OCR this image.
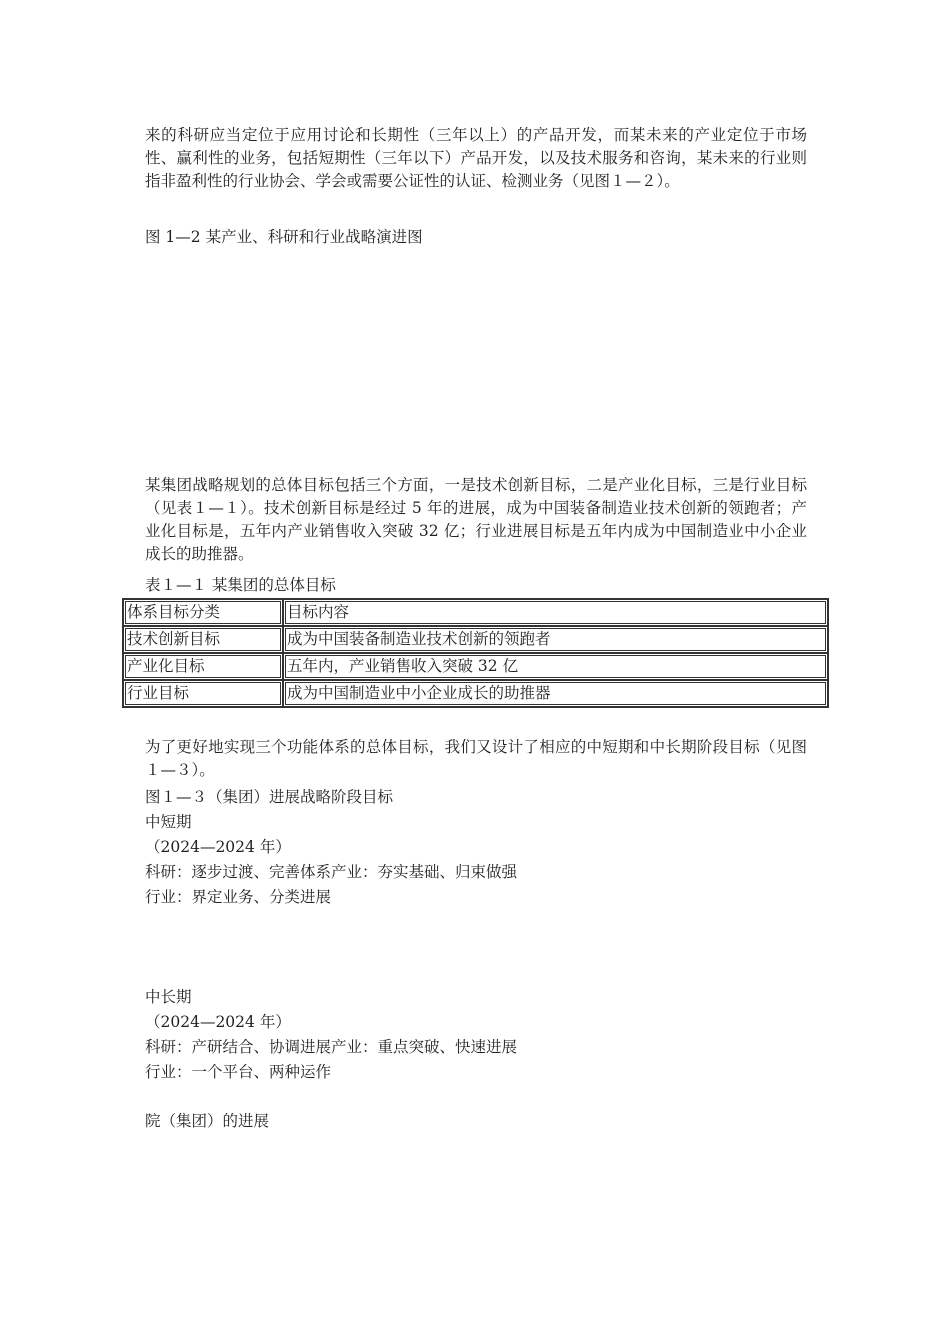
来的科研应当定位于应用讨论和长期性（三年以上）的产品开发，而某未来的产业定位于市场性、赢利性的业务，包括短期性（三年以下）产品开发，以及技术服务和咨询，某未来的行业则指非盈利性的行业协会、学会或需要公证性的认证、检测业务（见图１—２）。

图 1—2 某产业、科研和行业战略演进图

某集团战略规划的总体目标包括三个方面，一是技术创新目标，二是产业化目标，三是行业目标（见表１—１）。技术创新目标是经过 5 年的进展，成为中国装备制造业技术创新的领跑者；产业化目标是，五年内产业销售收入突破 32 亿；行业进展目标是五年内成为中国制造业中小企业成长的助推器。

表１—１ 某集团的总体目标

体系目标分类	目标内容
技术创新目标	成为中国装备制造业技术创新的领跑者
产业化目标	五年内，产业销售收入突破 32 亿
行业目标	成为中国制造业中小企业成长的助推器

为了更好地实现三个功能体系的总体目标，我们又设计了相应的中短期和中长期阶段目标（见图１—３）。

图１—３（集团）进展战略阶段目标

中短期

（2024—2024 年）

科研：逐步过渡、完善体系产业：夯实基础、归束做强

行业：界定业务、分类进展

中长期

（2024—2024 年）

科研：产研结合、协调进展产业：重点突破、快速进展

行业：一个平台、两种运作

院（集团）的进展
